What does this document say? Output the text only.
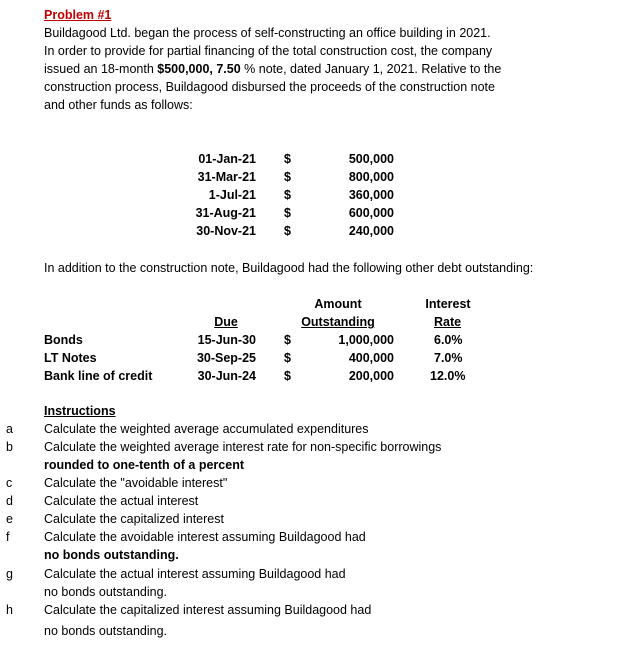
Problem #1
Buildagood Ltd. began the process of self-constructing an office building in 2021.
In order to provide for partial financing of the total construction cost, the company
issued an 18-month $500,000, 7.50 % note, dated January 1, 2021. Relative to the
construction process, Buildagood disbursed the proceeds of the construction note
and other funds as follows:
01-Jan-21 $	500,000
31-Mar-21 $	800,000
1-Jul-21 $	360,000
31-Aug-21 $	600,000
30-Nov-21 $	240,000
In addition to the construction note, Buildagood had the following other debt outstanding:
Amount	Interest
Due	Outstanding	Rate
Bonds	15-Jun-30 $	1,000,000	6.0%
LT Notes	30-Sep-25 $	400,000	7.0%
Bank line of credit	30-Jun-24 $	200,000	12.0%
Instructions
a Calculate the weighted average accumulated expenditures
b Calculate the weighted average interest rate for non-specific borrowings
rounded to one-tenth of a percent
c	Calculate the "avoidable interest"
d Calculate the actual interest
e Calculate the capitalized interest
f	Calculate the avoidable interest assuming Buildagood had
no bonds outstanding.
g Calculate the actual interest assuming Buildagood had
no bonds outstanding.
h Calculate the capitalized interest assuming Buildagood had
no bonds outstanding.
